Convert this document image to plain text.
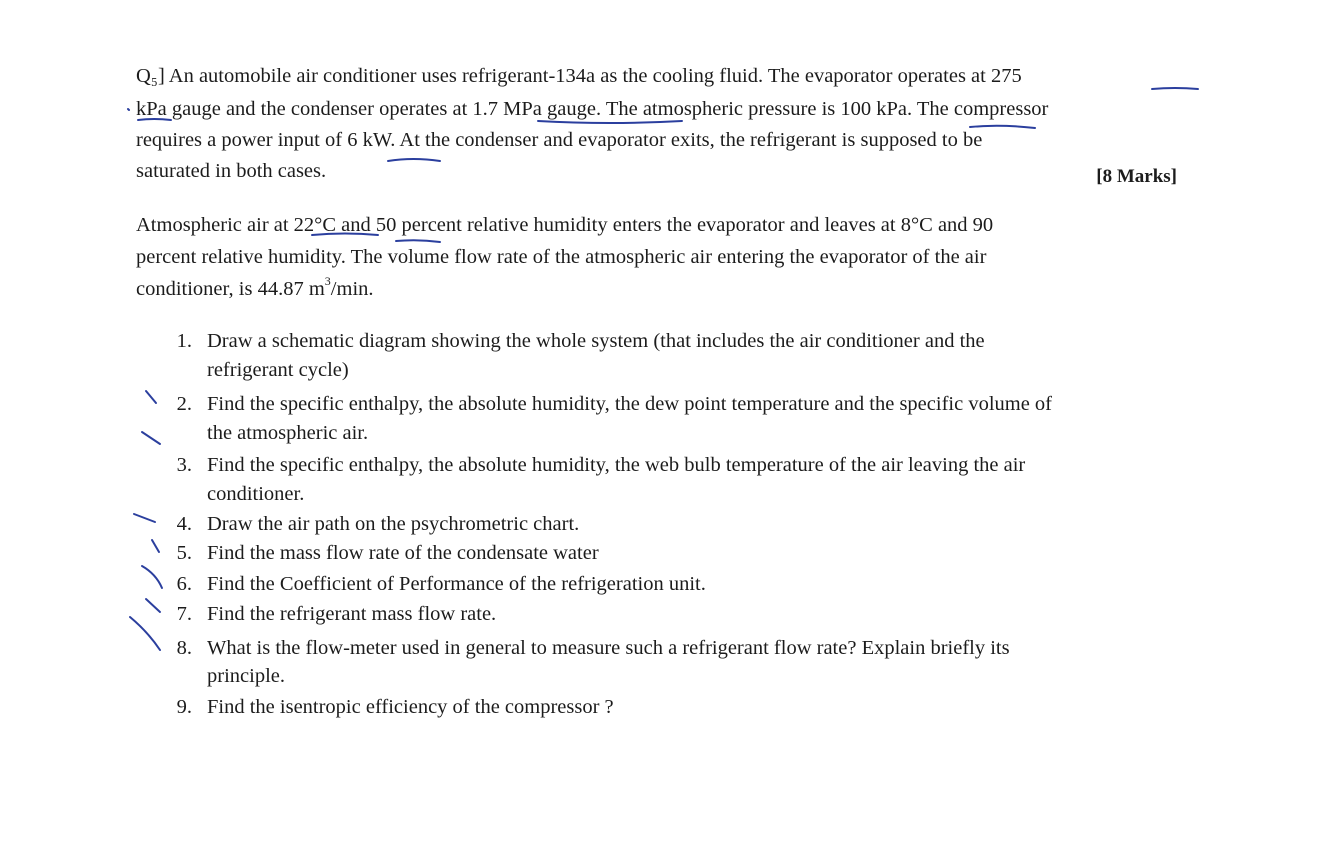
Q₅] An automobile air conditioner uses refrigerant-134a as the cooling fluid. The evaporator operates at 275
kPa gauge and the condenser operates at 1.7 MPa gauge. The atmospheric pressure is 100 kPa. The compressor
requires a power input of 6 kW. At the condenser and evaporator exits, the refrigerant is supposed to be
saturated in both cases.	[8 Marks]
Atmospheric air at 22°C and 50 percent relative humidity enters the evaporator and leaves at 8°C and 90
percent relative humidity. The volume flow rate of the atmospheric air entering the evaporator of the air
conditioner, is 44.87 $m^3/\min$.
1. Draw a schematic diagram showing the whole system (that includes the air conditioner and the
refrigerant cycle)
2. Find the specific enthalpy, the absolute humidity, the dew point temperature and the specific volume of
the atmospheric air.
3. Find the specific enthalpy, the absolute humidity, the web bulb temperature of the air leaving the air
conditioner.
4. Draw the air path on the psychrometric chart.
5. Find the mass flow rate of the condensate water
6. Find the Coefficient of Performance of the refrigeration unit.
7. Find the refrigerant mass flow rate.
8. What is the flow-meter used in general to measure such a refrigerant flow rate? Explain briefly its
principle.
9. Find the isentropic efficiency of the compressor ?
